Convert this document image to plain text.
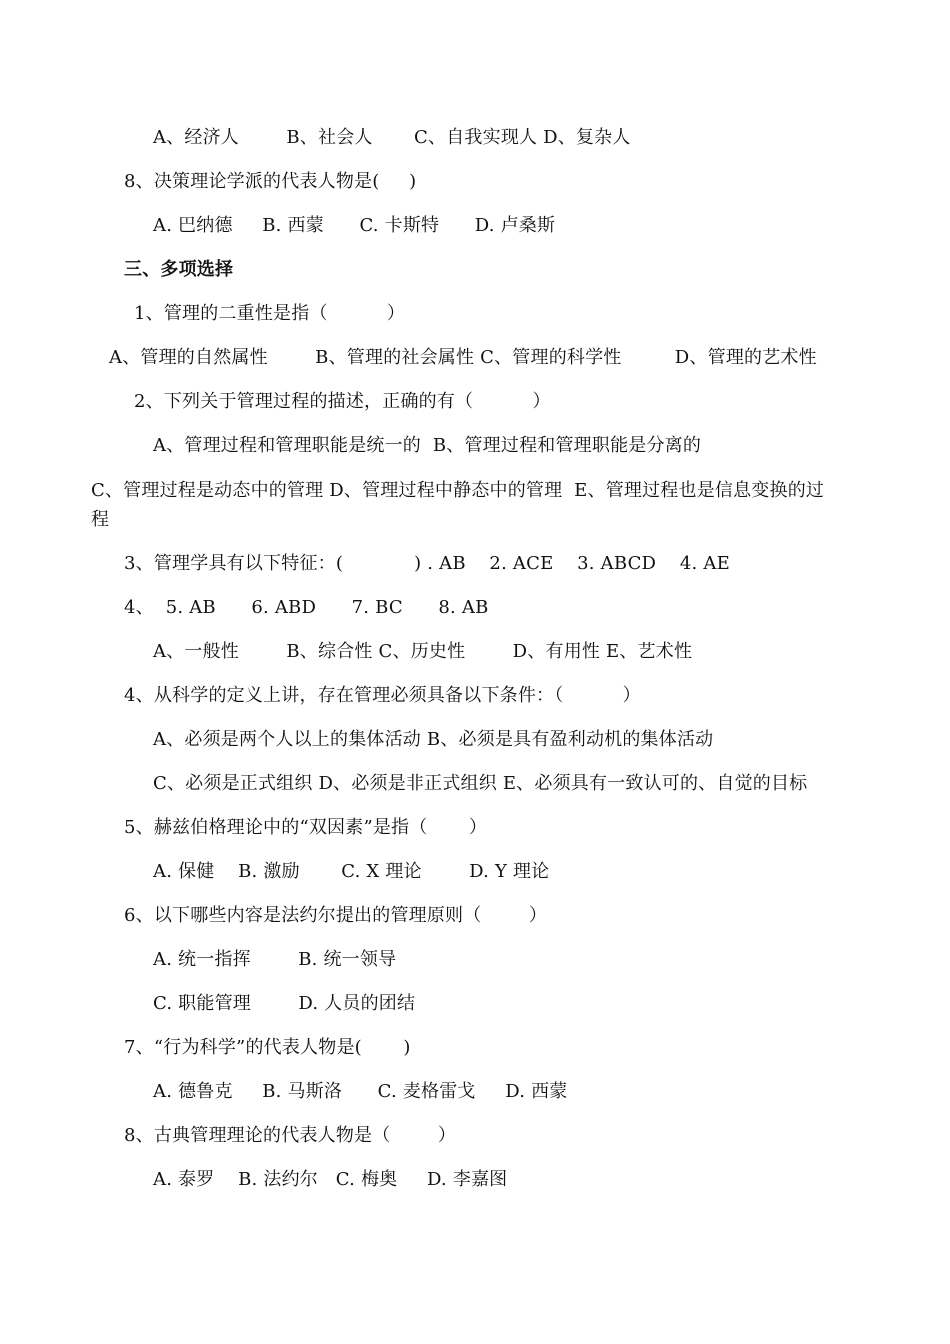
A、经济人        B、社会人       C、自我实现人 D、复杂人
8、决策理论学派的代表人物是(     )
A. 巴纳德     B. 西蒙      C. 卡斯特      D. 卢桑斯
三、多项选择
1、管理的二重性是指（          ）
A、管理的自然属性        B、管理的社会属性 C、管理的科学性         D、管理的艺术性
2、下列关于管理过程的描述，正确的有（          ）
A、管理过程和管理职能是统一的  B、管理过程和管理职能是分离的
C、管理过程是动态中的管理 D、管理过程中静态中的管理  E、管理过程也是信息变换的过
程
3、管理学具有以下特征：(            ) . AB    2. ACE    3. ABCD    4. AE
4、  5. AB      6. ABD      7. BC      8. AB
A、一般性        B、综合性 C、历史性        D、有用性 E、艺术性
4、从科学的定义上讲，存在管理必须具备以下条件：（          ）
A、必须是两个人以上的集体活动 B、必须是具有盈利动机的集体活动
C、必须是正式组织 D、必须是非正式组织 E、必须具有一致认可的、自觉的目标
5、赫兹伯格理论中的“双因素”是指（       ）
A. 保健    B. 激励       C. X 理论        D. Y 理论
6、以下哪些内容是法约尔提出的管理原则（        ）
A. 统一指挥        B. 统一领导
C. 职能管理        D. 人员的团结
7、“行为科学”的代表人物是(       )
A. 德鲁克     B. 马斯洛      C. 麦格雷戈     D. 西蒙
8、古典管理理论的代表人物是（        ）
A. 泰罗    B. 法约尔   C. 梅奥     D. 李嘉图
